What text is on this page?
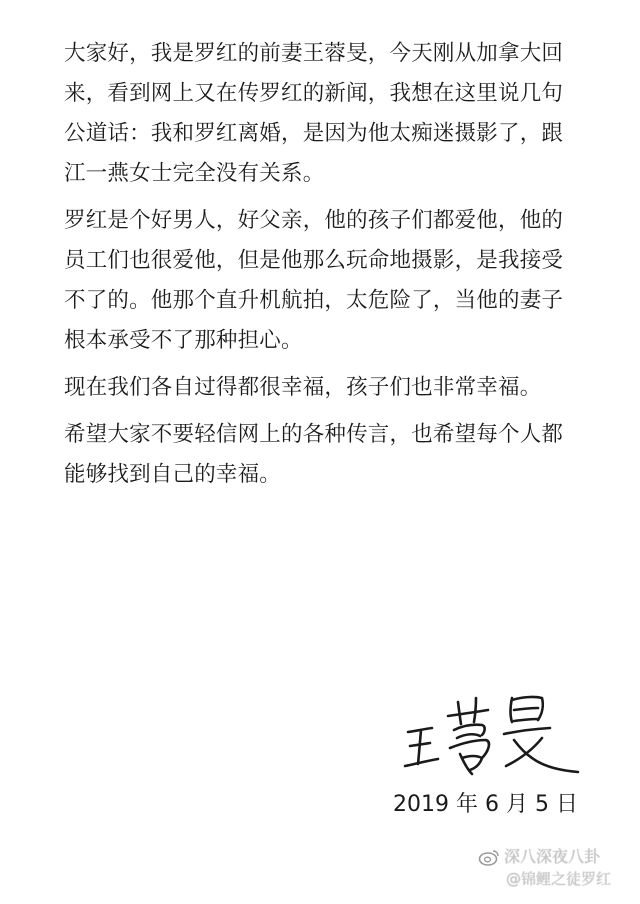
大家好，我是罗红的前妻王蓉旻，今天刚从加拿大回
来，看到网上又在传罗红的新闻，我想在这里说几句
公道话：我和罗红离婚，是因为他太痴迷摄影了，跟
江一燕女士完全没有关系。
罗红是个好男人，好父亲，他的孩子们都爱他，他的
员工们也很爱他，但是他那么玩命地摄影，是我接受
不了的。他那个直升机航拍，太危险了，当他的妻子
根本承受不了那种担心。
现在我们各自过得都很幸福，孩子们也非常幸福。
希望大家不要轻信网上的各种传言，也希望每个人都
能够找到自己的幸福。
2019 年 6 月 5 日
深八深夜八卦
@锦鲤之徒罗红
